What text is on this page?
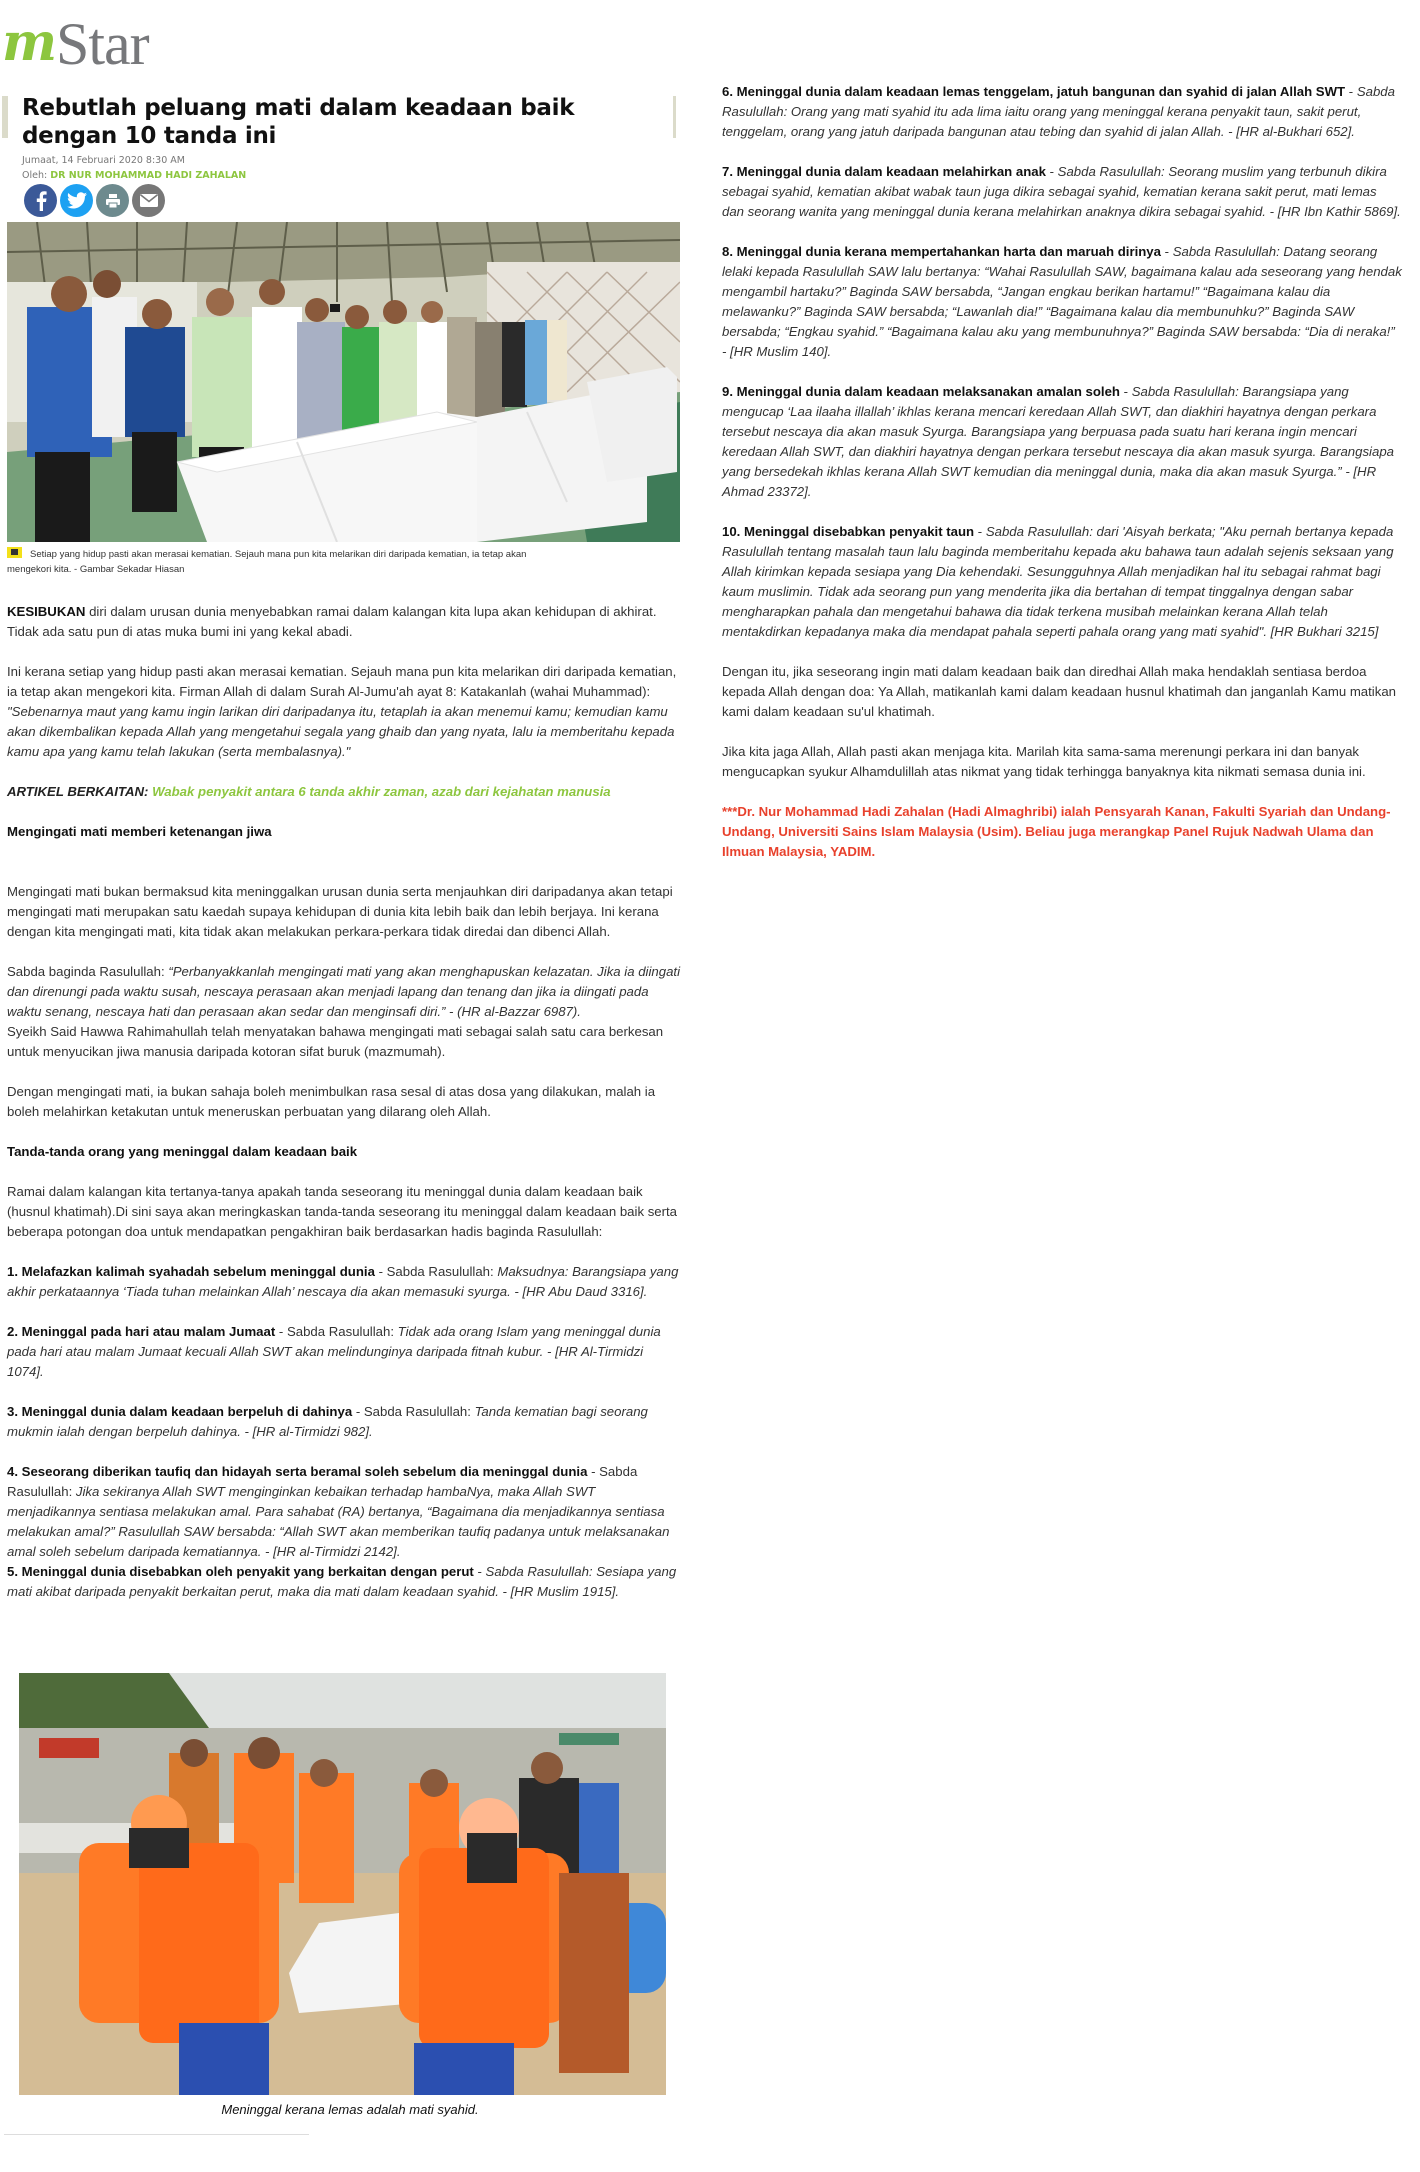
m Star
Rebutlah peluang mati dalam keadaan baik dengan 10 tanda ini
Jumaat, 14 Februari 2020 8:30 AM
Oleh: DR NUR MOHAMMAD HADI ZAHALAN
Setiap yang hidup pasti akan merasai kematian. Sejauh mana pun kita melarikan diri daripada kematian, ia tetap akan mengekori kita. - Gambar Sekadar Hiasan

KESIBUKAN diri dalam urusan dunia menyebabkan ramai dalam kalangan kita lupa akan kehidupan di akhirat. Tidak ada satu pun di atas muka bumi ini yang kekal abadi.

Ini kerana setiap yang hidup pasti akan merasai kematian. Sejauh mana pun kita melarikan diri daripada kematian, ia tetap akan mengekori kita. Firman Allah di dalam Surah Al-Jumu'ah ayat 8: Katakanlah (wahai Muhammad): "Sebenarnya maut yang kamu ingin larikan diri daripadanya itu, tetaplah ia akan menemui kamu; kemudian kamu akan dikembalikan kepada Allah yang mengetahui segala yang ghaib dan yang nyata, lalu ia memberitahu kepada kamu apa yang kamu telah lakukan (serta membalasnya)."

ARTIKEL BERKAITAN: Wabak penyakit antara 6 tanda akhir zaman, azab dari kejahatan manusia

Mengingati mati memberi ketenangan jiwa

Mengingati mati bukan bermaksud kita meninggalkan urusan dunia serta menjauhkan diri daripadanya akan tetapi mengingati mati merupakan satu kaedah supaya kehidupan di dunia kita lebih baik dan lebih berjaya. Ini kerana dengan kita mengingati mati, kita tidak akan melakukan perkara-perkara tidak diredai dan dibenci Allah.

Sabda baginda Rasulullah: “Perbanyakkanlah mengingati mati yang akan menghapuskan kelazatan. Jika ia diingati dan direnungi pada waktu susah, nescaya perasaan akan menjadi lapang dan tenang dan jika ia diingati pada waktu senang, nescaya hati dan perasaan akan sedar dan menginsafi diri.” - (HR al-Bazzar 6987).

Syeikh Said Hawwa Rahimahullah telah menyatakan bahawa mengingati mati sebagai salah satu cara berkesan untuk menyucikan jiwa manusia daripada kotoran sifat buruk (mazmumah).

Dengan mengingati mati, ia bukan sahaja boleh menimbulkan rasa sesal di atas dosa yang dilakukan, malah ia boleh melahirkan ketakutan untuk meneruskan perbuatan yang dilarang oleh Allah.

Tanda-tanda orang yang meninggal dalam keadaan baik

Ramai dalam kalangan kita tertanya-tanya apakah tanda seseorang itu meninggal dunia dalam keadaan baik (husnul khatimah).Di sini saya akan meringkaskan tanda-tanda seseorang itu meninggal dalam keadaan baik serta beberapa potongan doa untuk mendapatkan pengakhiran baik berdasarkan hadis baginda Rasulullah:

1. Melafazkan kalimah syahadah sebelum meninggal dunia - Sabda Rasulullah: Maksudnya: Barangsiapa yang akhir perkataannya ‘Tiada tuhan melainkan Allah’ nescaya dia akan memasuki syurga. - [HR Abu Daud 3316].

2. Meninggal pada hari atau malam Jumaat - Sabda Rasulullah: Tidak ada orang Islam yang meninggal dunia pada hari atau malam Jumaat kecuali Allah SWT akan melindunginya daripada fitnah kubur. - [HR Al-Tirmidzi 1074].

3. Meninggal dunia dalam keadaan berpeluh di dahinya - Sabda Rasulullah: Tanda kematian bagi seorang mukmin ialah dengan berpeluh dahinya. - [HR al-Tirmidzi 982].

4. Seseorang diberikan taufiq dan hidayah serta beramal soleh sebelum dia meninggal dunia - Sabda Rasulullah: Jika sekiranya Allah SWT menginginkan kebaikan terhadap hambaNya, maka Allah SWT menjadikannya sentiasa melakukan amal. Para sahabat (RA) bertanya, “Bagaimana dia menjadikannya sentiasa melakukan amal?” Rasulullah SAW bersabda: “Allah SWT akan memberikan taufiq padanya untuk melaksanakan amal soleh sebelum daripada kematiannya. - [HR al-Tirmidzi 2142].

5. Meninggal dunia disebabkan oleh penyakit yang berkaitan dengan perut - Sabda Rasulullah: Sesiapa yang mati akibat daripada penyakit berkaitan perut, maka dia mati dalam keadaan syahid. - [HR Muslim 1915].

Meninggal kerana lemas adalah mati syahid.

6. Meninggal dunia dalam keadaan lemas tenggelam, jatuh bangunan dan syahid di jalan Allah SWT - Sabda Rasulullah: Orang yang mati syahid itu ada lima iaitu orang yang meninggal kerana penyakit taun, sakit perut, tenggelam, orang yang jatuh daripada bangunan atau tebing dan syahid di jalan Allah. - [HR al-Bukhari 652].

7. Meninggal dunia dalam keadaan melahirkan anak - Sabda Rasulullah: Seorang muslim yang terbunuh dikira sebagai syahid, kematian akibat wabak taun juga dikira sebagai syahid, kematian kerana sakit perut, mati lemas dan seorang wanita yang meninggal dunia kerana melahirkan anaknya dikira sebagai syahid. - [HR Ibn Kathir 5869].

8. Meninggal dunia kerana mempertahankan harta dan maruah dirinya - Sabda Rasulullah: Datang seorang lelaki kepada Rasulullah SAW lalu bertanya: “Wahai Rasulullah SAW, bagaimana kalau ada seseorang yang hendak mengambil hartaku?” Baginda SAW bersabda, “Jangan engkau berikan hartamu!” “Bagaimana kalau dia melawanku?” Baginda SAW bersabda; “Lawanlah dia!” “Bagaimana kalau dia membunuhku?” Baginda SAW bersabda; “Engkau syahid.” “Bagaimana kalau aku yang membunuhnya?” Baginda SAW bersabda: “Dia di neraka!” - [HR Muslim 140].

9. Meninggal dunia dalam keadaan melaksanakan amalan soleh - Sabda Rasulullah: Barangsiapa yang mengucap ‘Laa ilaaha illallah’ ikhlas kerana mencari keredaan Allah SWT, dan diakhiri hayatnya dengan perkara tersebut nescaya dia akan masuk Syurga. Barangsiapa yang berpuasa pada suatu hari kerana ingin mencari keredaan Allah SWT, dan diakhiri hayatnya dengan perkara tersebut nescaya dia akan masuk syurga. Barangsiapa yang bersedekah ikhlas kerana Allah SWT kemudian dia meninggal dunia, maka dia akan masuk Syurga.” - [HR Ahmad 23372].

10. Meninggal disebabkan penyakit taun - Sabda Rasulullah: dari 'Aisyah berkata; "Aku pernah bertanya kepada Rasulullah tentang masalah taun lalu baginda memberitahu kepada aku bahawa taun adalah sejenis seksaan yang Allah kirimkan kepada sesiapa yang Dia kehendaki. Sesungguhnya Allah menjadikan hal itu sebagai rahmat bagi kaum muslimin. Tidak ada seorang pun yang menderita jika dia bertahan di tempat tinggalnya dengan sabar mengharapkan pahala dan mengetahui bahawa dia tidak terkena musibah melainkan kerana Allah telah mentakdirkan kepadanya maka dia mendapat pahala seperti pahala orang yang mati syahid". [HR Bukhari 3215]

Dengan itu, jika seseorang ingin mati dalam keadaan baik dan diredhai Allah maka hendaklah sentiasa berdoa kepada Allah dengan doa: Ya Allah, matikanlah kami dalam keadaan husnul khatimah dan janganlah Kamu matikan kami dalam keadaan su'ul khatimah.

Jika kita jaga Allah, Allah pasti akan menjaga kita. Marilah kita sama-sama merenungi perkara ini dan banyak mengucapkan syukur Alhamdulillah atas nikmat yang tidak terhingga banyaknya kita nikmati semasa dunia ini.

***Dr. Nur Mohammad Hadi Zahalan (Hadi Almaghribi) ialah Pensyarah Kanan, Fakulti Syariah dan Undang-Undang, Universiti Sains Islam Malaysia (Usim). Beliau juga merangkap Panel Rujuk Nadwah Ulama dan Ilmuan Malaysia, YADIM.
